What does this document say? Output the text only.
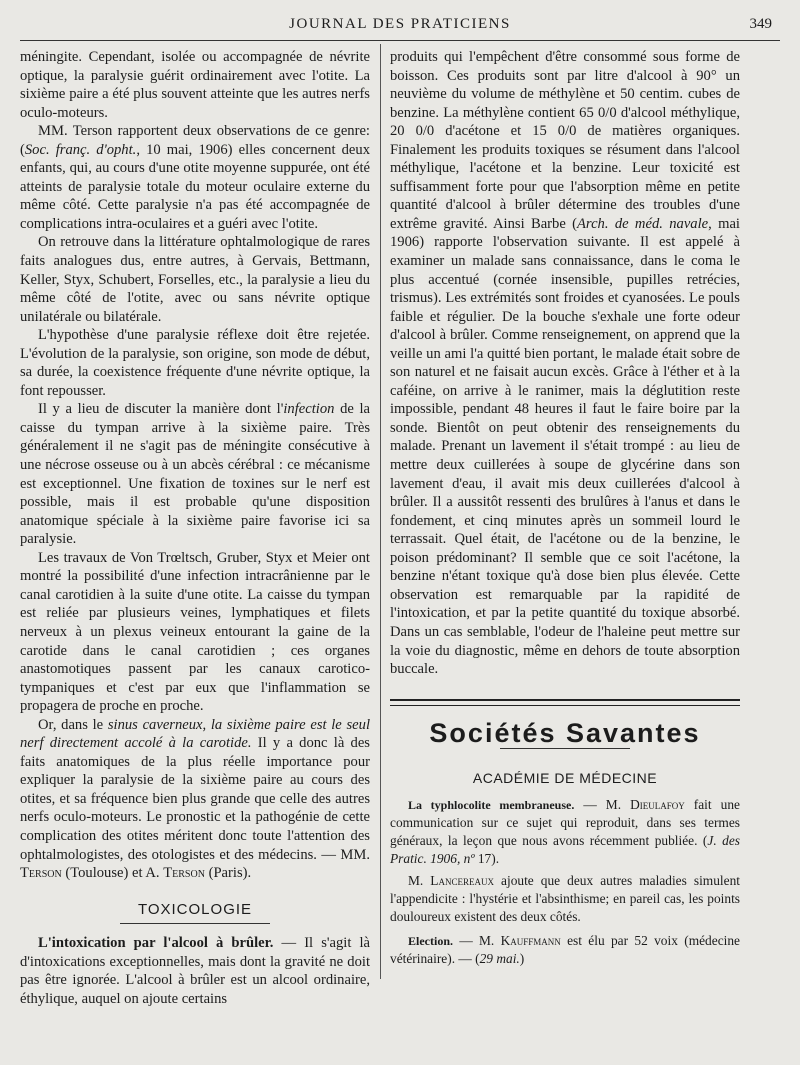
JOURNAL DES PRATICIENS	349

méningite. Cependant, isolée ou accompagnée de névrite optique, la paralysie guérit ordinairement avec l'otite. La sixième paire a été plus souvent atteinte que les autres nerfs oculo-moteurs.

MM. Terson rapportent deux observations de ce genre: (Soc. franç. d'opht., 10 mai, 1906) elles concernent deux enfants, qui, au cours d'une otite moyenne suppurée, ont été atteints de paralysie totale du moteur oculaire externe du même côté. Cette paralysie n'a pas été accompagnée de complications intra-oculaires et a guéri avec l'otite.

On retrouve dans la littérature ophtalmologique de rares faits analogues dus, entre autres, à Gervais, Bettmann, Keller, Styx, Schubert, Forselles, etc., la paralysie a lieu du même côté de l'otite, avec ou sans névrite optique unilatérale ou bilatérale.

L'hypothèse d'une paralysie réflexe doit être rejetée. L'évolution de la paralysie, son origine, son mode de début, sa durée, la coexistence fréquente d'une névrite optique, la font repousser.

Il y a lieu de discuter la manière dont l'infection de la caisse du tympan arrive à la sixième paire. Très généralement il ne s'agit pas de méningite consécutive à une nécrose osseuse ou à un abcès cérébral : ce mécanisme est exceptionnel. Une fixation de toxines sur le nerf est possible, mais il est probable qu'une disposition anatomique spéciale à la sixième paire favorise ici sa paralysie.

Les travaux de Von Trœltsch, Gruber, Styx et Meier ont montré la possibilité d'une infection intracrânienne par le canal carotidien à la suite d'une otite. La caisse du tympan est reliée par plusieurs veines, lymphatiques et filets nerveux à un plexus veineux entourant la gaine de la carotide dans le canal carotidien ; ces organes anastomotiques passent par les canaux carotico-tympaniques et c'est par eux que l'inflammation se propagera de proche en proche.

Or, dans le sinus caverneux, la sixième paire est le seul nerf directement accolé à la carotide. Il y a donc là des faits anatomiques de la plus réelle importance pour expliquer la paralysie de la sixième paire au cours des otites, et sa fréquence bien plus grande que celle des autres nerfs oculo-moteurs. Le pronostic et la pathogénie de cette complication des otites méritent donc toute l'attention des ophtalmologistes, des otologistes et des médecins. — MM. Terson (Toulouse) et A. Terson (Paris).

TOXICOLOGIE

L'intoxication par l'alcool à brûler. — Il s'agit là d'intoxications exceptionnelles, mais dont la gravité ne doit pas être ignorée. L'alcool à brûler est un alcool ordinaire, éthylique, auquel on ajoute certains

produits qui l'empêchent d'être consommé sous forme de boisson. Ces produits sont par litre d'alcool à 90° un neuvième du volume de méthylène et 50 centim. cubes de benzine. La méthylène contient 65 0/0 d'alcool méthylique, 20 0/0 d'acétone et 15 0/0 de matières organiques. Finalement les produits toxiques se résument dans l'alcool méthylique, l'acétone et la benzine. Leur toxicité est suffisamment forte pour que l'absorption même en petite quantité d'alcool à brûler détermine des troubles d'une extrême gravité. Ainsi Barbe (Arch. de méd. navale, mai 1906) rapporte l'observation suivante. Il est appelé à examiner un malade sans connaissance, dans le coma le plus accentué (cornée insensible, pupilles retrécies, trismus). Les extrémités sont froides et cyanosées. Le pouls faible et régulier. De la bouche s'exhale une forte odeur d'alcool à brûler. Comme renseignement, on apprend que la veille un ami l'a quitté bien portant, le malade était sobre de son naturel et ne faisait aucun excès. Grâce à l'éther et à la caféine, on arrive à le ranimer, mais la déglutition reste impossible, pendant 48 heures il faut le faire boire par la sonde. Bientôt on peut obtenir des renseignements du malade. Prenant un lavement il s'était trompé : au lieu de mettre deux cuillerées à soupe de glycérine dans son lavement d'eau, il avait mis deux cuillerées d'alcool à brûler. Il a aussitôt ressenti des brulûres à l'anus et dans le fondement, et cinq minutes après un sommeil lourd le terrassait. Quel était, de l'acétone ou de la benzine, le poison prédominant? Il semble que ce soit l'acétone, la benzine n'étant toxique qu'à dose bien plus élevée. Cette observation est remarquable par la rapidité de l'intoxication, et par la petite quantité du toxique absorbé. Dans un cas semblable, l'odeur de l'haleine peut mettre sur la voie du diagnostic, même en dehors de toute absorption buccale.

Sociétés Savantes
ACADÉMIE DE MÉDECINE

La typhlocolite membraneuse. — M. Dieulafoy fait une communication sur ce sujet qui reproduit, dans ses termes généraux, la leçon que nous avons récemment publiée. (J. des Pratic. 1906, nº 17).

M. Lancereaux ajoute que deux autres maladies simulent l'appendicite : l'hystérie et l'absinthisme; en pareil cas, les points douloureux existent des deux côtés.

Election. — M. Kauffmann est élu par 52 voix (médecine vétérinaire). — (29 mai.)
